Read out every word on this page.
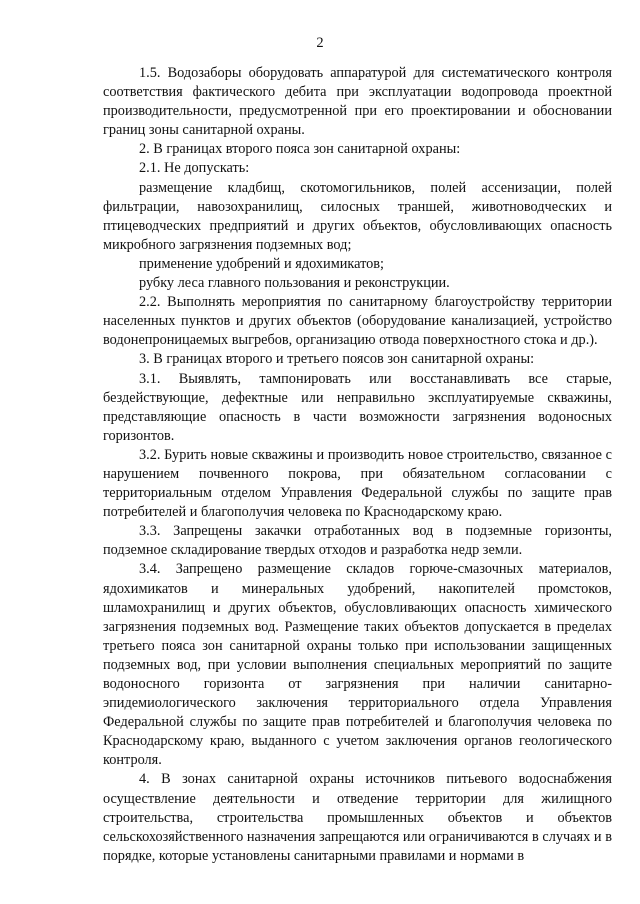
2

1.5. Водозаборы оборудовать аппаратурой для систематического контроля соответствия фактического дебита при эксплуатации водопровода проектной производительности, предусмотренной при его проектировании и обосновании границ зоны санитарной охраны.

2. В границах второго пояса зон санитарной охраны:

2.1. Не допускать:

размещение кладбищ, скотомогильников, полей ассенизации, полей фильтрации, навозохранилищ, силосных траншей, животноводческих и птицеводческих предприятий и других объектов, обусловливающих опасность микробного загрязнения подземных вод;

применение удобрений и ядохимикатов;

рубку леса главного пользования и реконструкции.

2.2. Выполнять мероприятия по санитарному благоустройству территории населенных пунктов и других объектов (оборудование канализацией, устройство водонепроницаемых выгребов, организацию отвода поверхностного стока и др.).

3. В границах второго и третьего поясов зон санитарной охраны:

3.1. Выявлять, тампонировать или восстанавливать все старые, бездействующие, дефектные или неправильно эксплуатируемые скважины, представляющие опасность в части возможности загрязнения водоносных горизонтов.

3.2. Бурить новые скважины и производить новое строительство, связанное с нарушением почвенного покрова, при обязательном согласовании с территориальным отделом Управления Федеральной службы по защите прав потребителей и благополучия человека по Краснодарскому краю.

3.3. Запрещены закачки отработанных вод в подземные горизонты, подземное складирование твердых отходов и разработка недр земли.

3.4. Запрещено размещение складов горюче-смазочных материалов, ядохимикатов и минеральных удобрений, накопителей промстоков, шламохранилищ и других объектов, обусловливающих опасность химического загрязнения подземных вод. Размещение таких объектов допускается в пределах третьего пояса зон санитарной охраны только при использовании защищенных подземных вод, при условии выполнения специальных мероприятий по защите водоносного горизонта от загрязнения при наличии санитарно-эпидемиологического заключения территориального отдела Управления Федеральной службы по защите прав потребителей и благополучия человека по Краснодарскому краю, выданного с учетом заключения органов геологического контроля.

4. В зонах санитарной охраны источников питьевого водоснабжения осуществление деятельности и отведение территории для жилищного строительства, строительства промышленных объектов и объектов сельскохозяйственного назначения запрещаются или ограничиваются в случаях и в порядке, которые установлены санитарными правилами и нормами в
